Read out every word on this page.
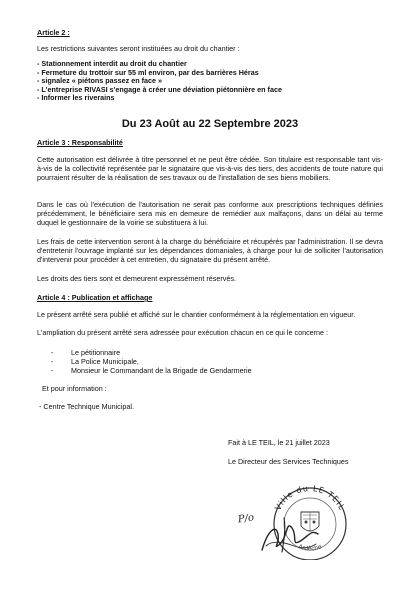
Article 2 :
Les restrictions suivantes seront instituées au droit du chantier :
- Stationnement interdit au droit du chantier
- Fermeture du trottoir sur 55 ml environ, par des barrières Héras
- signalez « piétons passez en face »
- L'entreprise RIVASI s'engage à créer une déviation piétonnière en face
- Informer les riverains
Du 23 Août au 22 Septembre 2023
Article 3 : Responsabilité
Cette autorisation est délivrée à titre personnel et ne peut être cédée. Son titulaire est responsable tant vis-à-vis de la collectivité représentée par le signataire que vis-à-vis des tiers, des accidents de toute nature qui pourraient résulter de la réalisation de ses travaux ou de l'installation de ses biens mobiliers.
Dans le cas où l'exécution de l'autorisation ne serait pas conforme aux prescriptions techniques définies précédemment, le bénéficiaire sera mis en demeure de remédier aux malfaçons, dans un délai au terme duquel le gestionnaire de la voirie se substituera à lui.
Les frais de cette intervention seront à la charge du bénéficiaire et récupérés par l'administration. Il se devra d'entretenir l'ouvrage implanté sur les dépendances domaniales, à charge pour lui de solliciter l'autorisation d'intervenir pour procéder à cet entretien, du signataire du présent arrêté.
Les droits des tiers sont et demeurent expressément réservés.
Article 4 : Publication et affichage
Le présent arrêté sera publié et affiché sur le chantier conformément à la réglementation en vigueur.
L'ampliation du présent arrêté sera adressée pour exécution chacun en ce qui le concerne :
- Le pétitionnaire
- La Police Municipale,
- Monsieur le Commandant de la Brigade de Gendarmerie
Et pour information :
- Centre Technique Municipal.
Fait à LE TEIL, le 21 juillet 2023
Le Directeur des Services Techniques
Ville du LE TEIL
Ardèche
P/o
